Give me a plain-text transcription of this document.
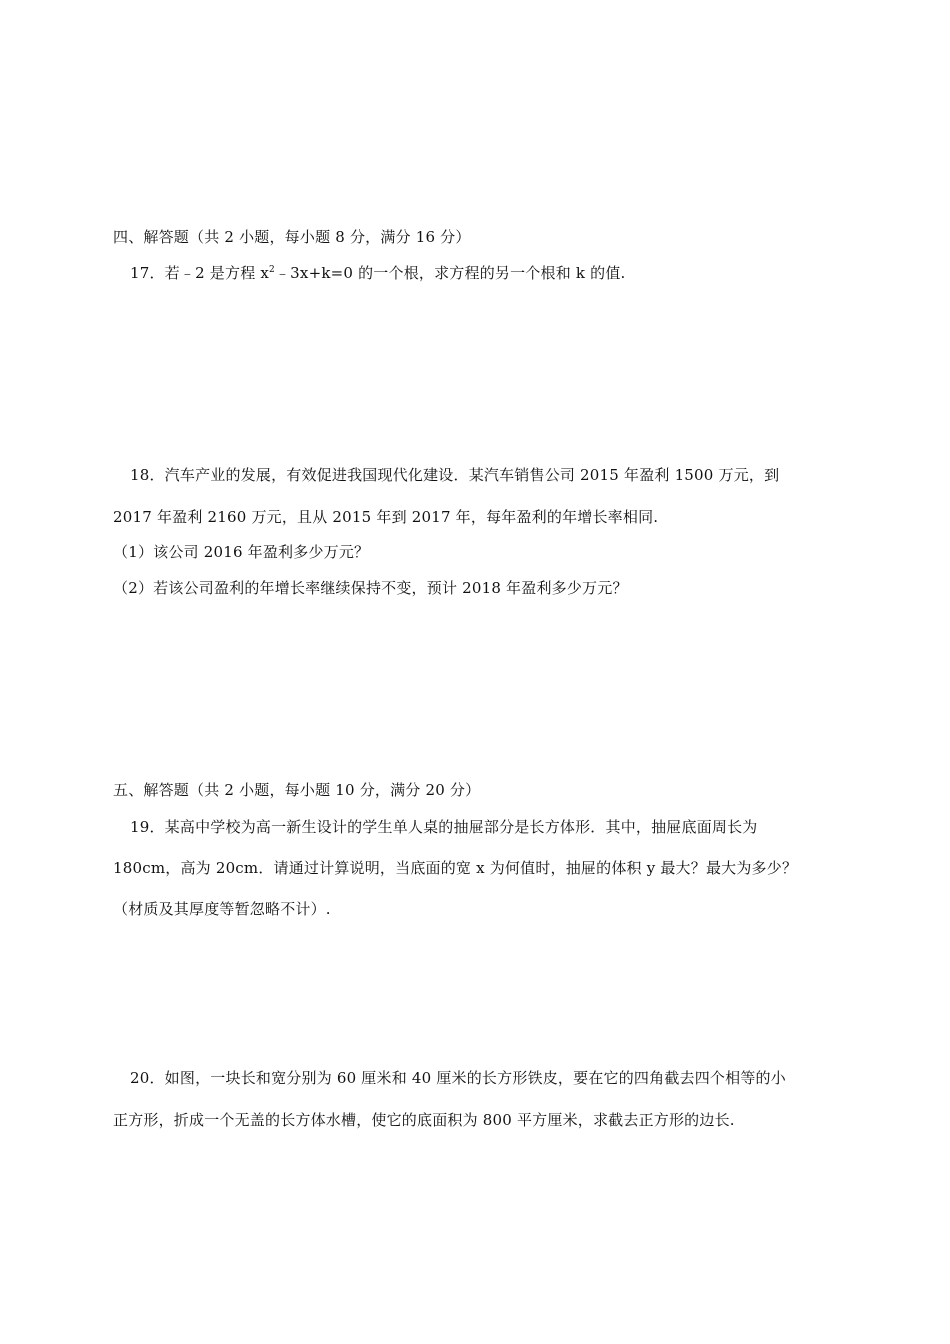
四、解答题（共 2 小题，每小题 8 分，满分 16 分）
17．若﹣2 是方程 $x^2﹣3x+k=0$ 的一个根，求方程的另一个根和 k 的值.
18．汽车产业的发展，有效促进我国现代化建设．某汽车销售公司 2015 年盈利 1500 万元，到
2017 年盈利 2160 万元，且从 2015 年到 2017 年，每年盈利的年增长率相同.
（1）该公司 2016 年盈利多少万元？
（2）若该公司盈利的年增长率继续保持不变，预计 2018 年盈利多少万元？
五、解答题（共 2 小题，每小题 10 分，满分 20 分）
19．某高中学校为高一新生设计的学生单人桌的抽屉部分是长方体形．其中，抽屉底面周长为
180cm，高为 20cm．请通过计算说明，当底面的宽 x 为何值时，抽屉的体积 y 最大？最大为多少？
（材质及其厚度等暂忽略不计）.
20．如图，一块长和宽分别为 60 厘米和 40 厘米的长方形铁皮，要在它的四角截去四个相等的小
正方形，折成一个无盖的长方体水槽，使它的底面积为 800 平方厘米，求截去正方形的边长.
